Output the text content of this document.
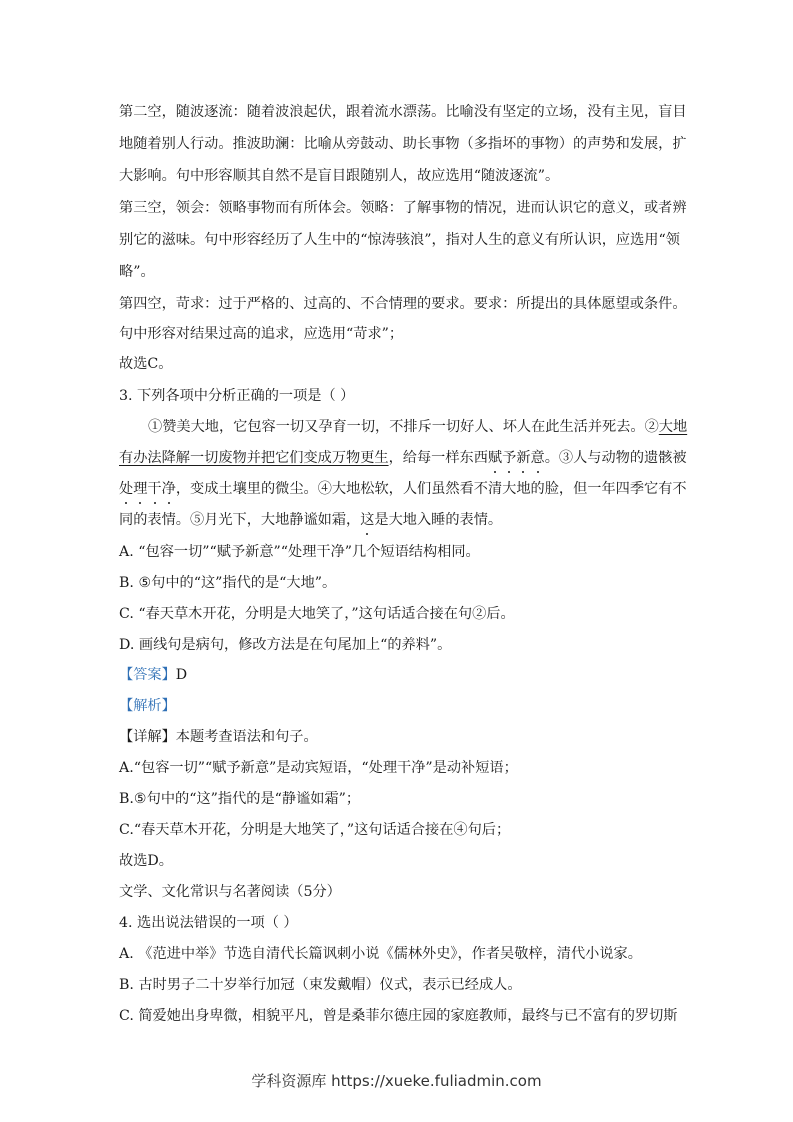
第二空，随波逐流：随着波浪起伏，跟着流水漂荡。比喻没有坚定的立场，没有主见，盲目
地随着别人行动。推波助澜：比喻从旁鼓动、助长事物（多指坏的事物）的声势和发展，扩
大影响。句中形容顺其自然不是盲目跟随别人，故应选用“随波逐流”。
第三空，领会：领略事物而有所体会。领略：了解事物的情况，进而认识它的意义，或者辨
别它的滋味。句中形容经历了人生中的“惊涛骇浪”，指对人生的意义有所认识，应选用“领
略”。
第四空，苛求：过于严格的、过高的、不合情理的要求。要求：所提出的具体愿望或条件。
句中形容对结果过高的追求，应选用“苛求”；
故选C。
3. 下列各项中分析正确的一项是（ ）
①赞美大地，它包容一切又孕育一切，不排斥一切好人、坏人在此生活并死去。②大地
有办法降解一切废物并把它们变成万物更生，给每一样东西赋予新意。③人与动物的遗骸被
处理干净，变成土壤里的微尘。④大地松软，人们虽然看不清大地的脸，但一年四季它有不
同的表情。⑤月光下，大地静谧如霜，这是大地入睡的表情。
A. “包容一切”“赋予新意”“处理干净”几个短语结构相同。
B. ⑤句中的“这”指代的是“大地”。
C. “春天草木开花，分明是大地笑了，”这句话适合接在句②后。
D. 画线句是病句，修改方法是在句尾加上“的养料”。
【答案】D
【解析】
【详解】本题考查语法和句子。
A.“包容一切”“赋予新意”是动宾短语，“处理干净”是动补短语；
B.⑤句中的“这”指代的是“静谧如霜”；
C.“春天草木开花，分明是大地笑了，”这句话适合接在④句后；
故选D。
文学、文化常识与名著阅读（5分）
4. 选出说法错误的一项（ ）
A. 《范进中举》节选自清代长篇讽刺小说《儒林外史》，作者吴敬梓，清代小说家。
B. 古时男子二十岁举行加冠（束发戴帽）仪式，表示已经成人。
C. 简爱她出身卑微，相貌平凡，曾是桑菲尔德庄园的家庭教师，最终与已不富有的罗切斯
学科资源库 https://xueke.fuliadmin.com
